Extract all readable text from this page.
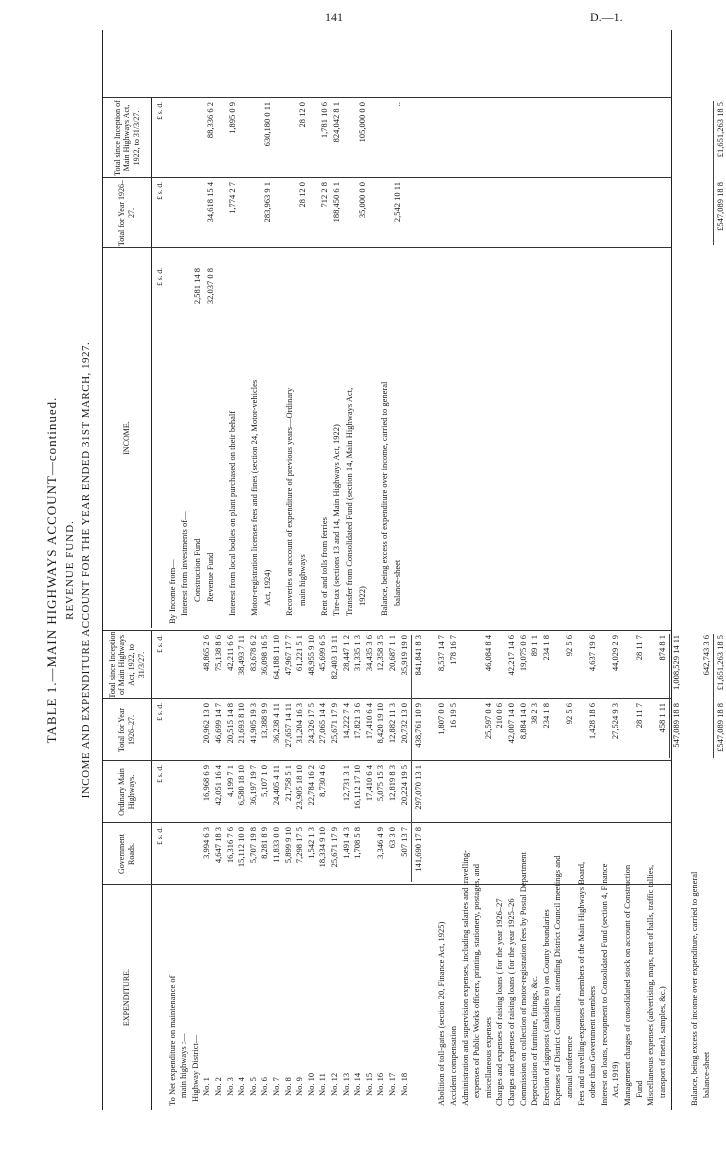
141	D.—1.
TABLE 1.—MAIN HIGHWAYS ACCOUNT—continued. REVENUE FUND. INCOME AND EXPENDITURE ACCOUNT FOR THE YEAR ENDED 31ST MARCH, 1927.
EXPENDITURE.
Government Roads.
Ordinary Main Highways.
Total for Year 1926–27.
Total since Inception of Main Highways Act, 1922, to 31/3/27.
£ s. d.
£ s. d.
£ s. d.
£ s. d.
To Net expenditure on maintenance of main highways :— Highway District— No. 1
3,994 6 3
16,968 6 9
20,962 13 0
48,865 2 6
No. 2
4,647 18 3
42,051 16 4
46,699 14 7
75,138 8 6
No. 3
16,316 7 6
4,199 7 1
20,515 14 8
42,211 6 6
No. 4
15,112 10 0
6,580 18 10
21,693 8 10
38,493 7 11
No. 5
5,707 19 8
36,197 19 7
41,905 19 3
83,678 6 2
No. 6
8,281 8 9
5,107 1 0
13,388 9 9
36,098 16 5
No. 7
11,833 0 0
24,405 4 11
36,238 4 11
64,188 11 10
No. 8
5,899 9 10
21,758 5 1
27,657 14 11
47,967 17 7
No. 9
7,298 17 5
23,905 18 10
31,204 16 3
61,221 5 1
No. 10
1,542 1 3
22,784 16 2
24,326 17 5
48,955 9 10
No. 11
18,334 9 10
8,730 4 6
27,065 14 4
45,699 6 5
No. 12
25,671 17 9
25,671 17 9
82,403 13 11
No. 13
1,491 4 3
12,731 3 1
14,222 7 4
28,447 1 2
No. 14
1,708 5 8
16,112 17 10
17,821 3 6
31,335 1 3
No. 15
17,410 6 4
17,410 6 4
34,435 3 6
No. 16
3,346 4 9
5,075 15 3
8,420 19 10
12,358 3 5
No. 17
63 3 0
12,819 8 3
12,882 11 3
20,687 1 1
No. 18
507 13 7
20,224 19 5
20,732 13 0
35,919 19 0
141,690 17 8
297,070 13 1
438,761 10 9
841,841 8 3
Abolition of toll-gates (section 20, Finance Act, 1925)
1,807 0 0
8,537 14 7
Accident compensation
16 19 5
178 16 7
Administration and supervision expenses, including salaries and travelling- expenses of Public Works officers, printing, stationery, postages, and miscellaneous expenses
25,597 0 4
46,084 8 4
Charges and expenses of raising loans ( for the year 1926–27
210 0 6
Charges and expenses of raising loans ( for the year 1925–26
42,007 14 0
42,217 14 6
Commission on collection of motor-registration fees by Postal Department
8,884 14 0
19,075 0 6
Depreciation of furniture, fittings, &c.
38 2 3
89 1 1
Erection of signposts (subsidies to) on County boundaries
234 1 8
234 1 8
Expenses of District Councillors, attending District Council meetings and annual conference
92 5 6
92 5 6
Fees and travelling-expenses of members of the Main Highways Board, other than Government members
1,428 18 6
4,637 19 6
Interest on loans, recoupment to Consolidated Fund (section 4, Finance Act, 1919)
27,524 9 3
44,029 2 9
Management charges of consolidated stock on account of Construction Fund
28 11 7
28 11 7
Miscellaneous expenses (advertising, maps, rent of halls, traffic tallies, transport of metal, samples, &c.)
458 1 11
874 8 1
547,089 18 8
1,008,529 14 11
Balance, being excess of income over expenditure, carried to general balance-sheet
642,743 3 6
£547,089 18 8
£1,651,263 18 5
INCOME.
Total for Year 1926–27.
Total since Inception of Main Highways Act, 1922, to 31/3/27.
£ s. d.
£ s. d.
£ s. d.
By Income from— Interest from investments of— Construction Fund
2,581 14 8
Revenue Fund
32,037 0 8
34,618 15 4
88,336 6 2
Interest from local bodies on plant purchased on their behalf
1,774 2 7
1,895 0 9
Motor-registration licenses fees and fines (section 24, Motor-vehicles Act, 1924)
283,963 9 1
630,180 0 11
Recoveries on account of expenditure of previous years—Ordinary main highways
28 12 0
28 12 0
Rent of and tolls from ferries
712 2 8
1,781 10 6
Tire-tax (sections 13 and 14, Main Highways Act, 1922)
188,450 6 1
824,042 8 1
Transfer from Consolidated Fund (section 14, Main Highways Act, 1922)
35,000 0 0
105,000 0 0
Balance, being excess of expenditure over income, carried to general balance-sheet
2,542 10 11
..
£547,089 18 8
£1,651,263 18 5
